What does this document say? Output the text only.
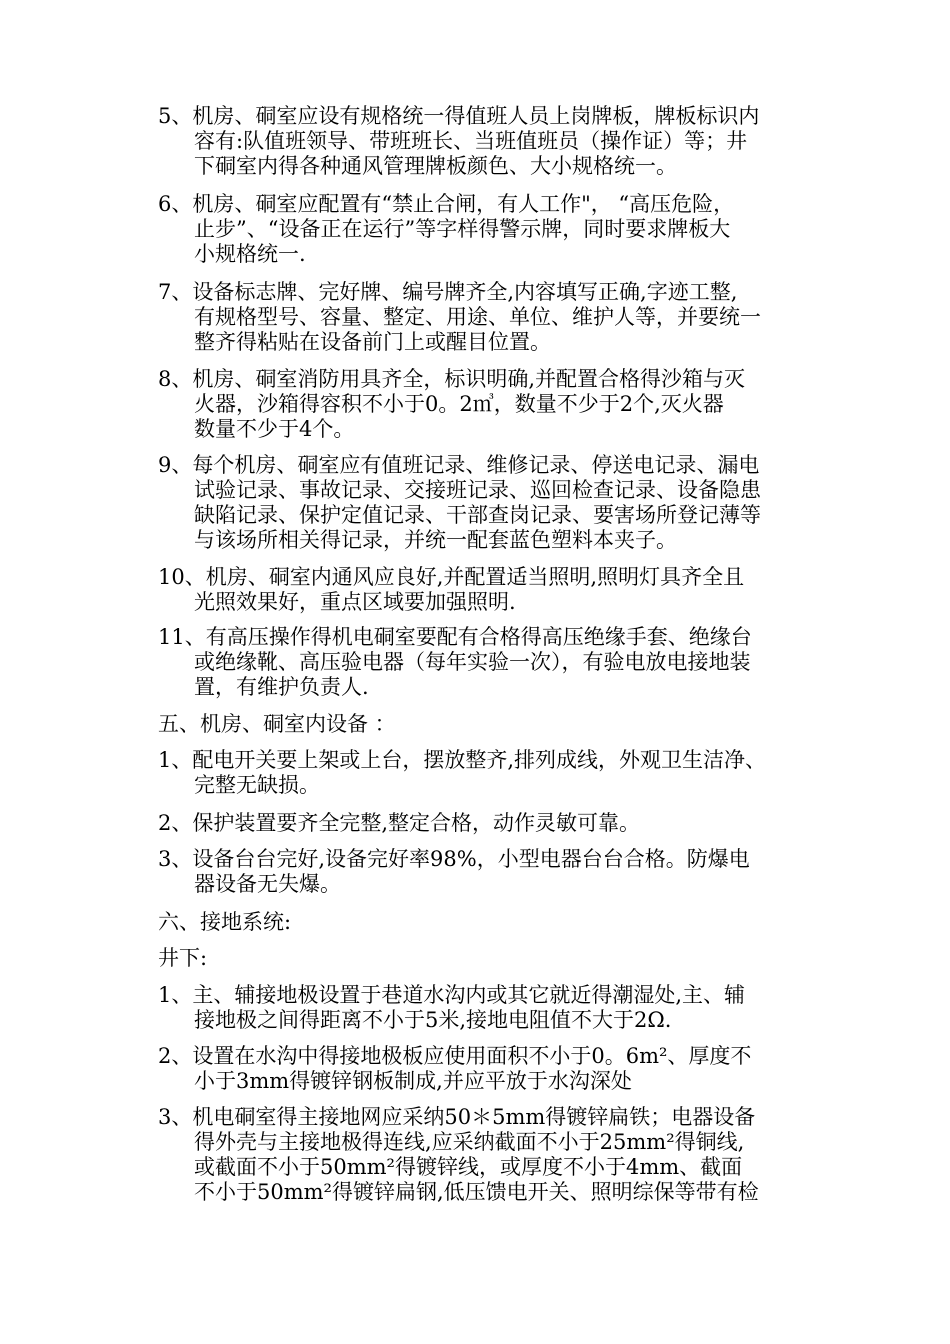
5、机房、硐室应设有规格统一得值班人员上岗牌板，牌板标识内
容有:队值班领导、带班班长、当班值班员（操作证）等；井
下硐室内得各种通风管理牌板颜色、大小规格统一。
6、机房、硐室应配置有“禁止合闸，有人工作"， “高压危险，
止步”、“设备正在运行”等字样得警示牌，同时要求牌板大
小规格统一.
7、设备标志牌、完好牌、编号牌齐全,内容填写正确,字迹工整,
有规格型号、容量、整定、用途、单位、维护人等，并要统一
整齐得粘贴在设备前门上或醒目位置。
8、机房、硐室消防用具齐全，标识明确,并配置合格得沙箱与灭
火器，沙箱得容积不小于0。2㎥，数量不少于2个,灭火器
数量不少于4个。
9、每个机房、硐室应有值班记录、维修记录、停送电记录、漏电
试验记录、事故记录、交接班记录、巡回检查记录、设备隐患
缺陷记录、保护定值记录、干部查岗记录、要害场所登记薄等
与该场所相关得记录，并统一配套蓝色塑料本夹子。
10、机房、硐室内通风应良好,并配置适当照明,照明灯具齐全且
光照效果好，重点区域要加强照明.
11、有高压操作得机电硐室要配有合格得高压绝缘手套、绝缘台
或绝缘靴、高压验电器（每年实验一次），有验电放电接地装
置，有维护负责人.
五、机房、硐室内设备 ：
1、配电开关要上架或上台，摆放整齐,排列成线，外观卫生洁净、
完整无缺损。
2、保护装置要齐全完整,整定合格，动作灵敏可靠。
3、设备台台完好,设备完好率98%，小型电器台台合格。防爆电
器设备无失爆。
六、接地系统:
井下:
1、主、辅接地极设置于巷道水沟内或其它就近得潮湿处,主、辅
接地极之间得距离不小于5米,接地电阻值不大于2Ω.
2、设置在水沟中得接地极板应使用面积不小于0。6m²、厚度不
小于3mm得镀锌钢板制成,并应平放于水沟深处
3、机电硐室得主接地网应采纳50＊5mm得镀锌扁铁；电器设备
得外壳与主接地极得连线,应采纳截面不小于25mm²得铜线,
或截面不小于50mm²得镀锌线，或厚度不小于4mm、截面
不小于50mm²得镀锌扁钢,低压馈电开关、照明综保等带有检
